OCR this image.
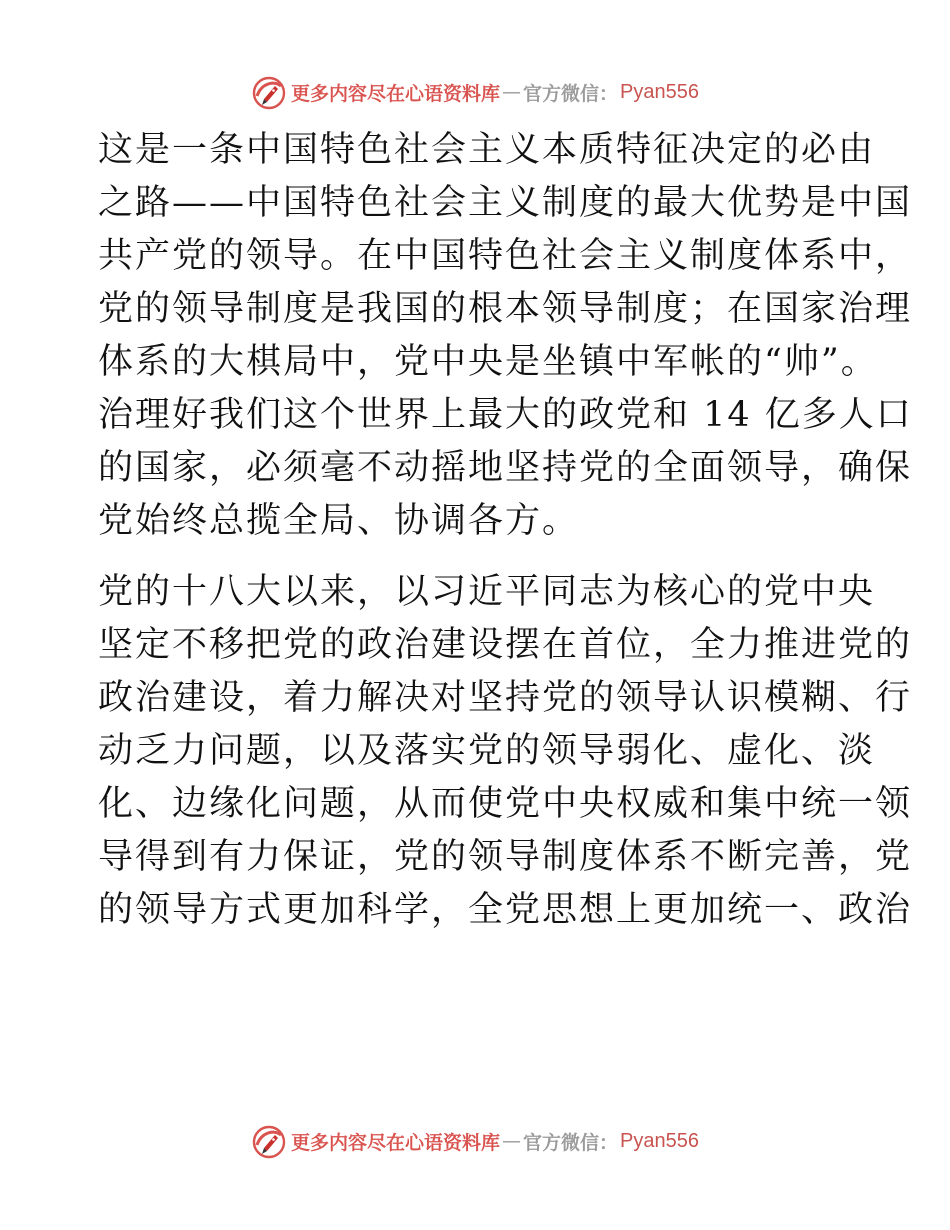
更多内容尽在心语资料库 — 官方微信： Pyan556

这是一条中国特色社会主义本质特征决定的必由
之路——中国特色社会主义制度的最大优势是中国
共产党的领导。在中国特色社会主义制度体系中，
党的领导制度是我国的根本领导制度；在国家治理
体系的大棋局中，党中央是坐镇中军帐的“帅”。
治理好我们这个世界上最大的政党和 14 亿多人口
的国家，必须毫不动摇地坚持党的全面领导，确保
党始终总揽全局、协调各方。

党的十八大以来，以习近平同志为核心的党中央
坚定不移把党的政治建设摆在首位，全力推进党的
政治建设，着力解决对坚持党的领导认识模糊、行
动乏力问题，以及落实党的领导弱化、虚化、淡
化、边缘化问题，从而使党中央权威和集中统一领
导得到有力保证，党的领导制度体系不断完善，党
的领导方式更加科学，全党思想上更加统一、政治

更多内容尽在心语资料库 — 官方微信： Pyan556
